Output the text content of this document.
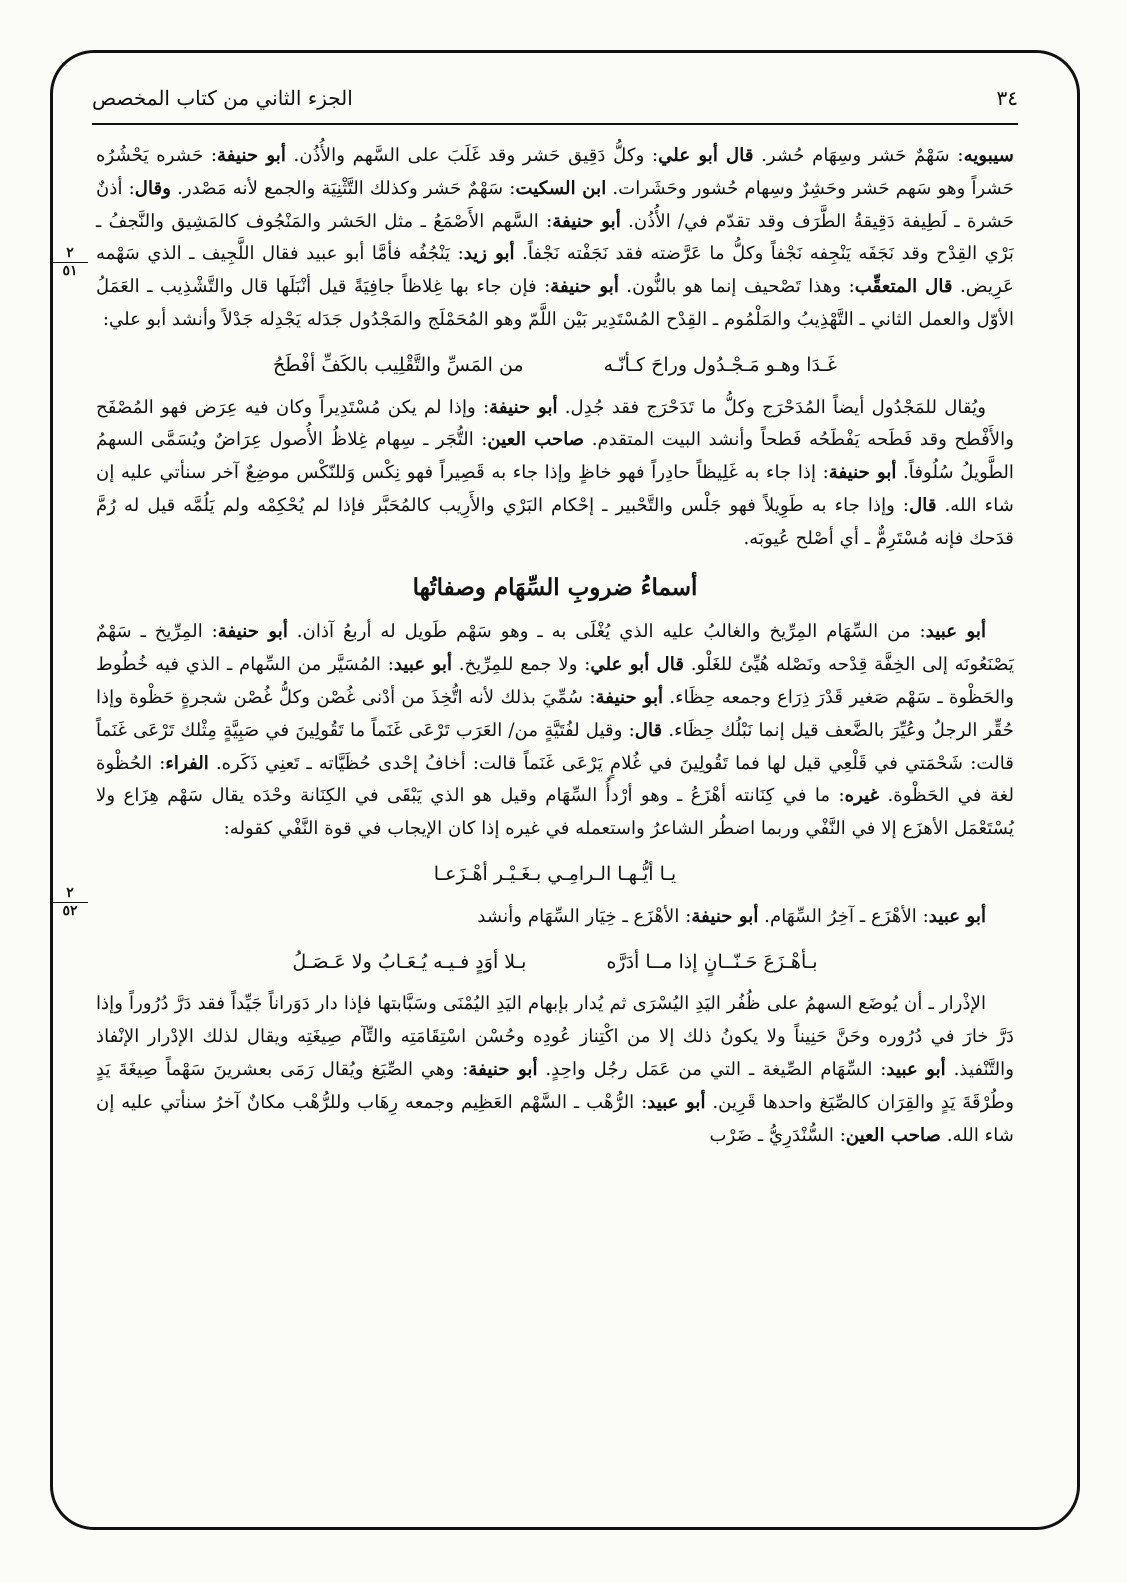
٣٤
الجزء الثاني من كتاب المخصص
٢
٥١
٢
٥٢

سيبويه: سَهْمٌ حَشر وسِهَام حُشر. قال أبو علي: وكلُّ دَقِيق حَشر وقد غَلَبَ على السَّهم والأُذُن. أبو حنيفة: حَشره يَحْشُرُه حَشراً وهو سَهم حَشر وحَشِرٌ وسِهام حُشور وحَشَرات. ابن السكيت: سَهْمٌ حَشر وكذلك التَّثْنِيَة والجمع لأنه مَصْدر. وقال: أذنٌ حَشرة ـ لَطِيفة دَقِيقةُ الطَّرَف وقد تقدّم في/ الأُذُن. أبو حنيفة: السَّهم الأَصْمَعُ ـ مثل الحَشر والمَنْجُوف كالمَشِيق والنَّجفُ ـ بَرْي القِدْح وقد نَجَفَه يَنْجِفه نَجْفاً وكلُّ ما عَرَّضته فقد نَجَفْته نَجْفاً. أبو زيد: يَنْجُفُه فأمَّا أبو عبيد فقال اللَّجِيف ـ الذي سَهْمه عَرِيض. قال المتعقِّب: وهذا تَصْحيف إنما هو بالنُّون. أبو حنيفة: فإن جاء بها غِلاظاً جافِيَةً قيل أنْبَلَها قال والتَّشْذِيب ـ العَمَلُ الأوّل والعمل الثاني ـ التَّهْذِيبُ والمَلْمُوم ـ القِدْح المُسْتَدِير بَيْن اللَّمّ وهو المُحَمْلَج والمَجْدُول جَدَله يَجْدِله جَدْلاً وأنشد أبو علي:

غَـدَا وهـو مَـجْـدُول وراحَ كـأنّـه
من المَسِّ والتَّقْلِيب بالكَفِّ أفْطَحُ

ويُقال للمَجْدُول أيضاً المُدَحْرَج وكلُّ ما تَدَحْرَج فقد جُدِل. أبو حنيفة: وإذا لم يكن مُسْتَدِيراً وكان فيه عِرَض فهو المُصْفَح والأَفْطح وقد فَطَحه يَفْطَحُه فَطحاً وأنشد البيت المتقدم. صاحب العين: التُّجَر ـ سِهام غِلاظُ الأُصول عِرَاضٌ ويُسَمَّى السهمُ الطَّويلُ سُلُوفاً. أبو حنيفة: إذا جاء به غَلِيظاً حادِراً فهو خاظٍ وإذا جاء به قَصِيراً فهو نِكْس وَللنّكْس موضِعٌ آخر سنأتي عليه إن شاء الله. قال: وإذا جاء به طَوِيلاً فهو جَلْس والتَّحْبير ـ إحْكام البَرْي والأَرِيب كالمُحَبَّر فإذا لم يُحْكِمْه ولم يَلُمَّه قيل له رُمَّ قدَحك فإنه مُسْتَرِمٌّ ـ أي أصْلح عُيوبَه.

أسماءُ ضروبِ السِّهَام وصفاتُها

أبو عبيد: من السِّهَام المِرِّيخ والغالبُ عليه الذي يُغْلَى به ـ وهو سَهْم طَويل له أربعُ آذان. أبو حنيفة: المِرِّيخ ـ سَهْمٌ يَصْنَعُونَه إلى الخِفَّة قِدْحه ونَصْله هُيِّئ للغَلْو. قال أبو علي: ولا جمع للمِرِّيخ. أبو عبيد: المُسَيَّر من السِّهام ـ الذي فيه خُطُوط والحَظْوة ـ سَهْم صَغير قَدْرَ ذِرَاع وجمعه حِظَاء. أبو حنيفة: سُمِّيَ بذلك لأنه اتُّخِذَ من أدْنى غُصْن وكلُّ غُصْن شجرةٍ حَظْوة وإذا حُقِّر الرجلُ وعُيِّرَ بالضَّعف قيل إنما نَبْلُك حِظَاء. قال: وقيل لفُتَيَّةٍ من/ العَرَب تَرْعَى غَنَماً ما تَقُولِينَ في صَبِيَّةٍ مِثْلك تَرْعَى غَنَماً قالت: شَحْمَتي في قَلْعِي قيل لها فما تَقُولِينَ في غُلامٍ يَرْعَى غَنَماً قالت: أخافُ إحْدى حُظَيَّاته ـ تَعنِي ذَكَره. الفراء: الحُظْوة لغة في الحَظْوة. غيره: ما في كِنَانته أهْزَعُ ـ وهو أرْدأُ السِّهَام وقيل هو الذي يَبْقَى في الكِنَانة وحْدَه يقال سَهْم هِزَاع ولا يُسْتَعْمَل الأهزَع إلا في النَّفْي وربما اضطُر الشاعرُ واستعمله في غيره إذا كان الإيجاب في قوة النَّفْي كقوله:

يـا أيُّـهـا الـرامِـي بـغَـيْـر أهْـزَعـا

أبو عبيد: الأهْزَع ـ آخِرُ السِّهَام. أبو حنيفة: الأهْزَع ـ خِيَار السِّهَام وأنشد

بـأهْـزَعَ حَـنّــانٍ إذا مــا أدَرَّه
بـلا أوَدٍ فـيـه يُـعَـابُ ولا عَـصَـلُ

الإذْرار ـ أن يُوضَع السهمُ على ظُفُر اليَدِ اليُسْرَى ثم يُدار بإبهام اليَدِ اليُمْنَى وسَبَّابتها فإذا دار دَوَراناً جَيِّداً فقد دَرَّ دُرُوراً وإذا دَرَّ خارَ في دُرُوره وحَنَّ حَنِيناً ولا يكونُ ذلك إلا من اكْتِناز عُودِه وحُسْن اسْتِقَامَتِه والتِّآم صِيغَتِه ويقال لذلك الإدْرار الإنْفاذ والتَّنْفيذ. أبو عبيد: السِّهَام الصِّيغة ـ التي من عَمَل رجُل واحِدٍ. أبو حنيفة: وهي الصِّيَغ ويُقال رَمَى بعشرينَ سَهْماً صِيغَةَ يَدٍ وطُرْقَةَ يَدٍ والقِرَان كالصِّيَغ واحدها قَرِين. أبو عبيد: الرُّهْب ـ السَّهْم العَظِيم وجمعه رِهَاب وللرُّهْب مكانٌ آخرُ سنأتي عليه إن شاء الله. صاحب العين: السُّنْدَرِيُّ ـ ضَرْب
